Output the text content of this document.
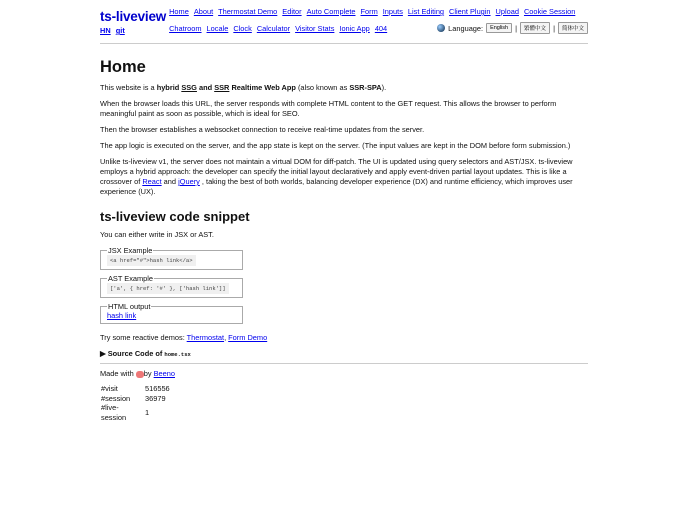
ts-liveview
HN git
Home About Thermostat Demo Editor Auto Complete Form Inputs List Editing Client Plugin Upload Cookie Session
Chatroom Locale Clock Calculator Visitor Stats Ionic App 404	Language:	English |	繁體中文 |	简体中文
Home

This website is a hybrid SSG and SSR Realtime Web App (also known as SSR-SPA).

When the browser loads this URL, the server responds with complete HTML content to the GET request. This allows the browser to perform meaningful paint as soon as possible, which is ideal for SEO.

Then the browser establishes a websocket connection to receive real-time updates from the server.

The app logic is executed on the server, and the app state is kept on the server. (The input values are kept in the DOM before form submission.)

Unlike ts-liveview v1, the server does not maintain a virtual DOM for diff-patch. The UI is updated using query selectors and AST/JSX. ts-liveview employs a hybrid approach: the developer can specify the initial layout declaratively and apply event-driven partial layout updates. This is like a crossover of React and jQuery , taking the best of both worlds, balancing developer experience (DX) and runtime efficiency, which improves user experience (UX).

ts-liveview code snippet

You can either write in JSX or AST.

JSX Example
<a href="#">hash link</a>
AST Example
['a', { href: '#' }, ['hash link']]
HTML output
hash link

Try some reactive demos: Thermostat, Form Demo

▶ Source Code of home.tsx
Made with by Beeno
#visit	516556
#session	36979
#live-session	1
